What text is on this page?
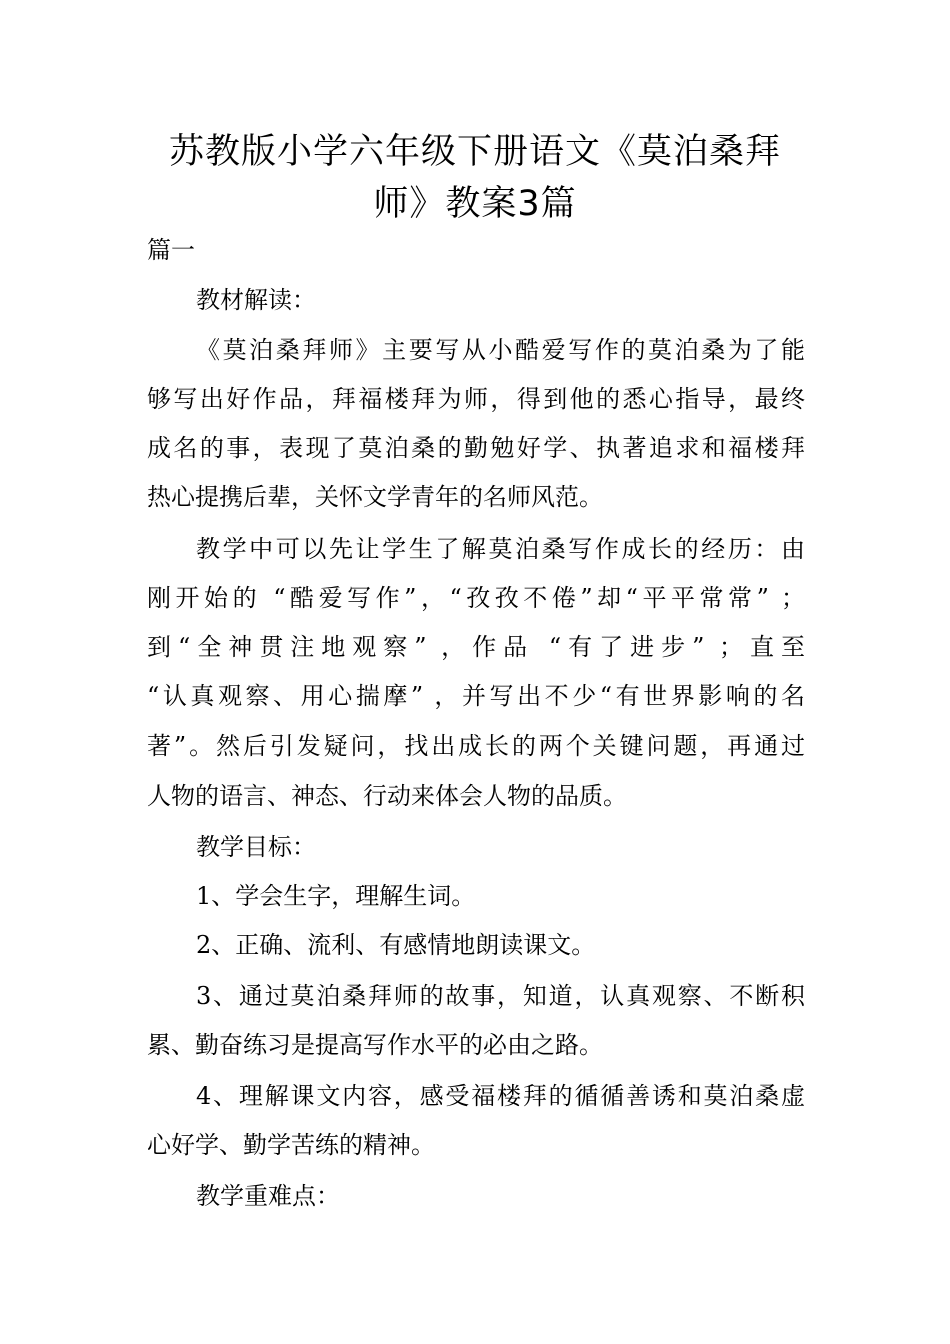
苏教版小学六年级下册语文《莫泊桑拜
师》教案3篇
篇一
教材解读：
《莫泊桑拜师》主要写从小酷爱写作的莫泊桑为了能
够写出好作品，拜福楼拜为师，得到他的悉心指导，最终
成名的事，表现了莫泊桑的勤勉好学、执著追求和福楼拜
热心提携后辈，关怀文学青年的名师风范。
教学中可以先让学生了解莫泊桑写作成长的经历：由
刚开始的 “酷爱写作”，“孜孜不倦”却“平平常常” ；
到“全神贯注地观察” ，作品 “有了进步” ；直至
“认真观察、用心揣摩” ，并写出不少“有世界影响的名
著”。然后引发疑问，找出成长的两个关键问题，再通过
人物的语言、神态、行动来体会人物的品质。
教学目标：
1、学会生字，理解生词。
2、正确、流利、有感情地朗读课文。
3、通过莫泊桑拜师的故事，知道，认真观察、不断积
累、勤奋练习是提高写作水平的必由之路。
4、理解课文内容，感受福楼拜的循循善诱和莫泊桑虚
心好学、勤学苦练的精神。
教学重难点：
